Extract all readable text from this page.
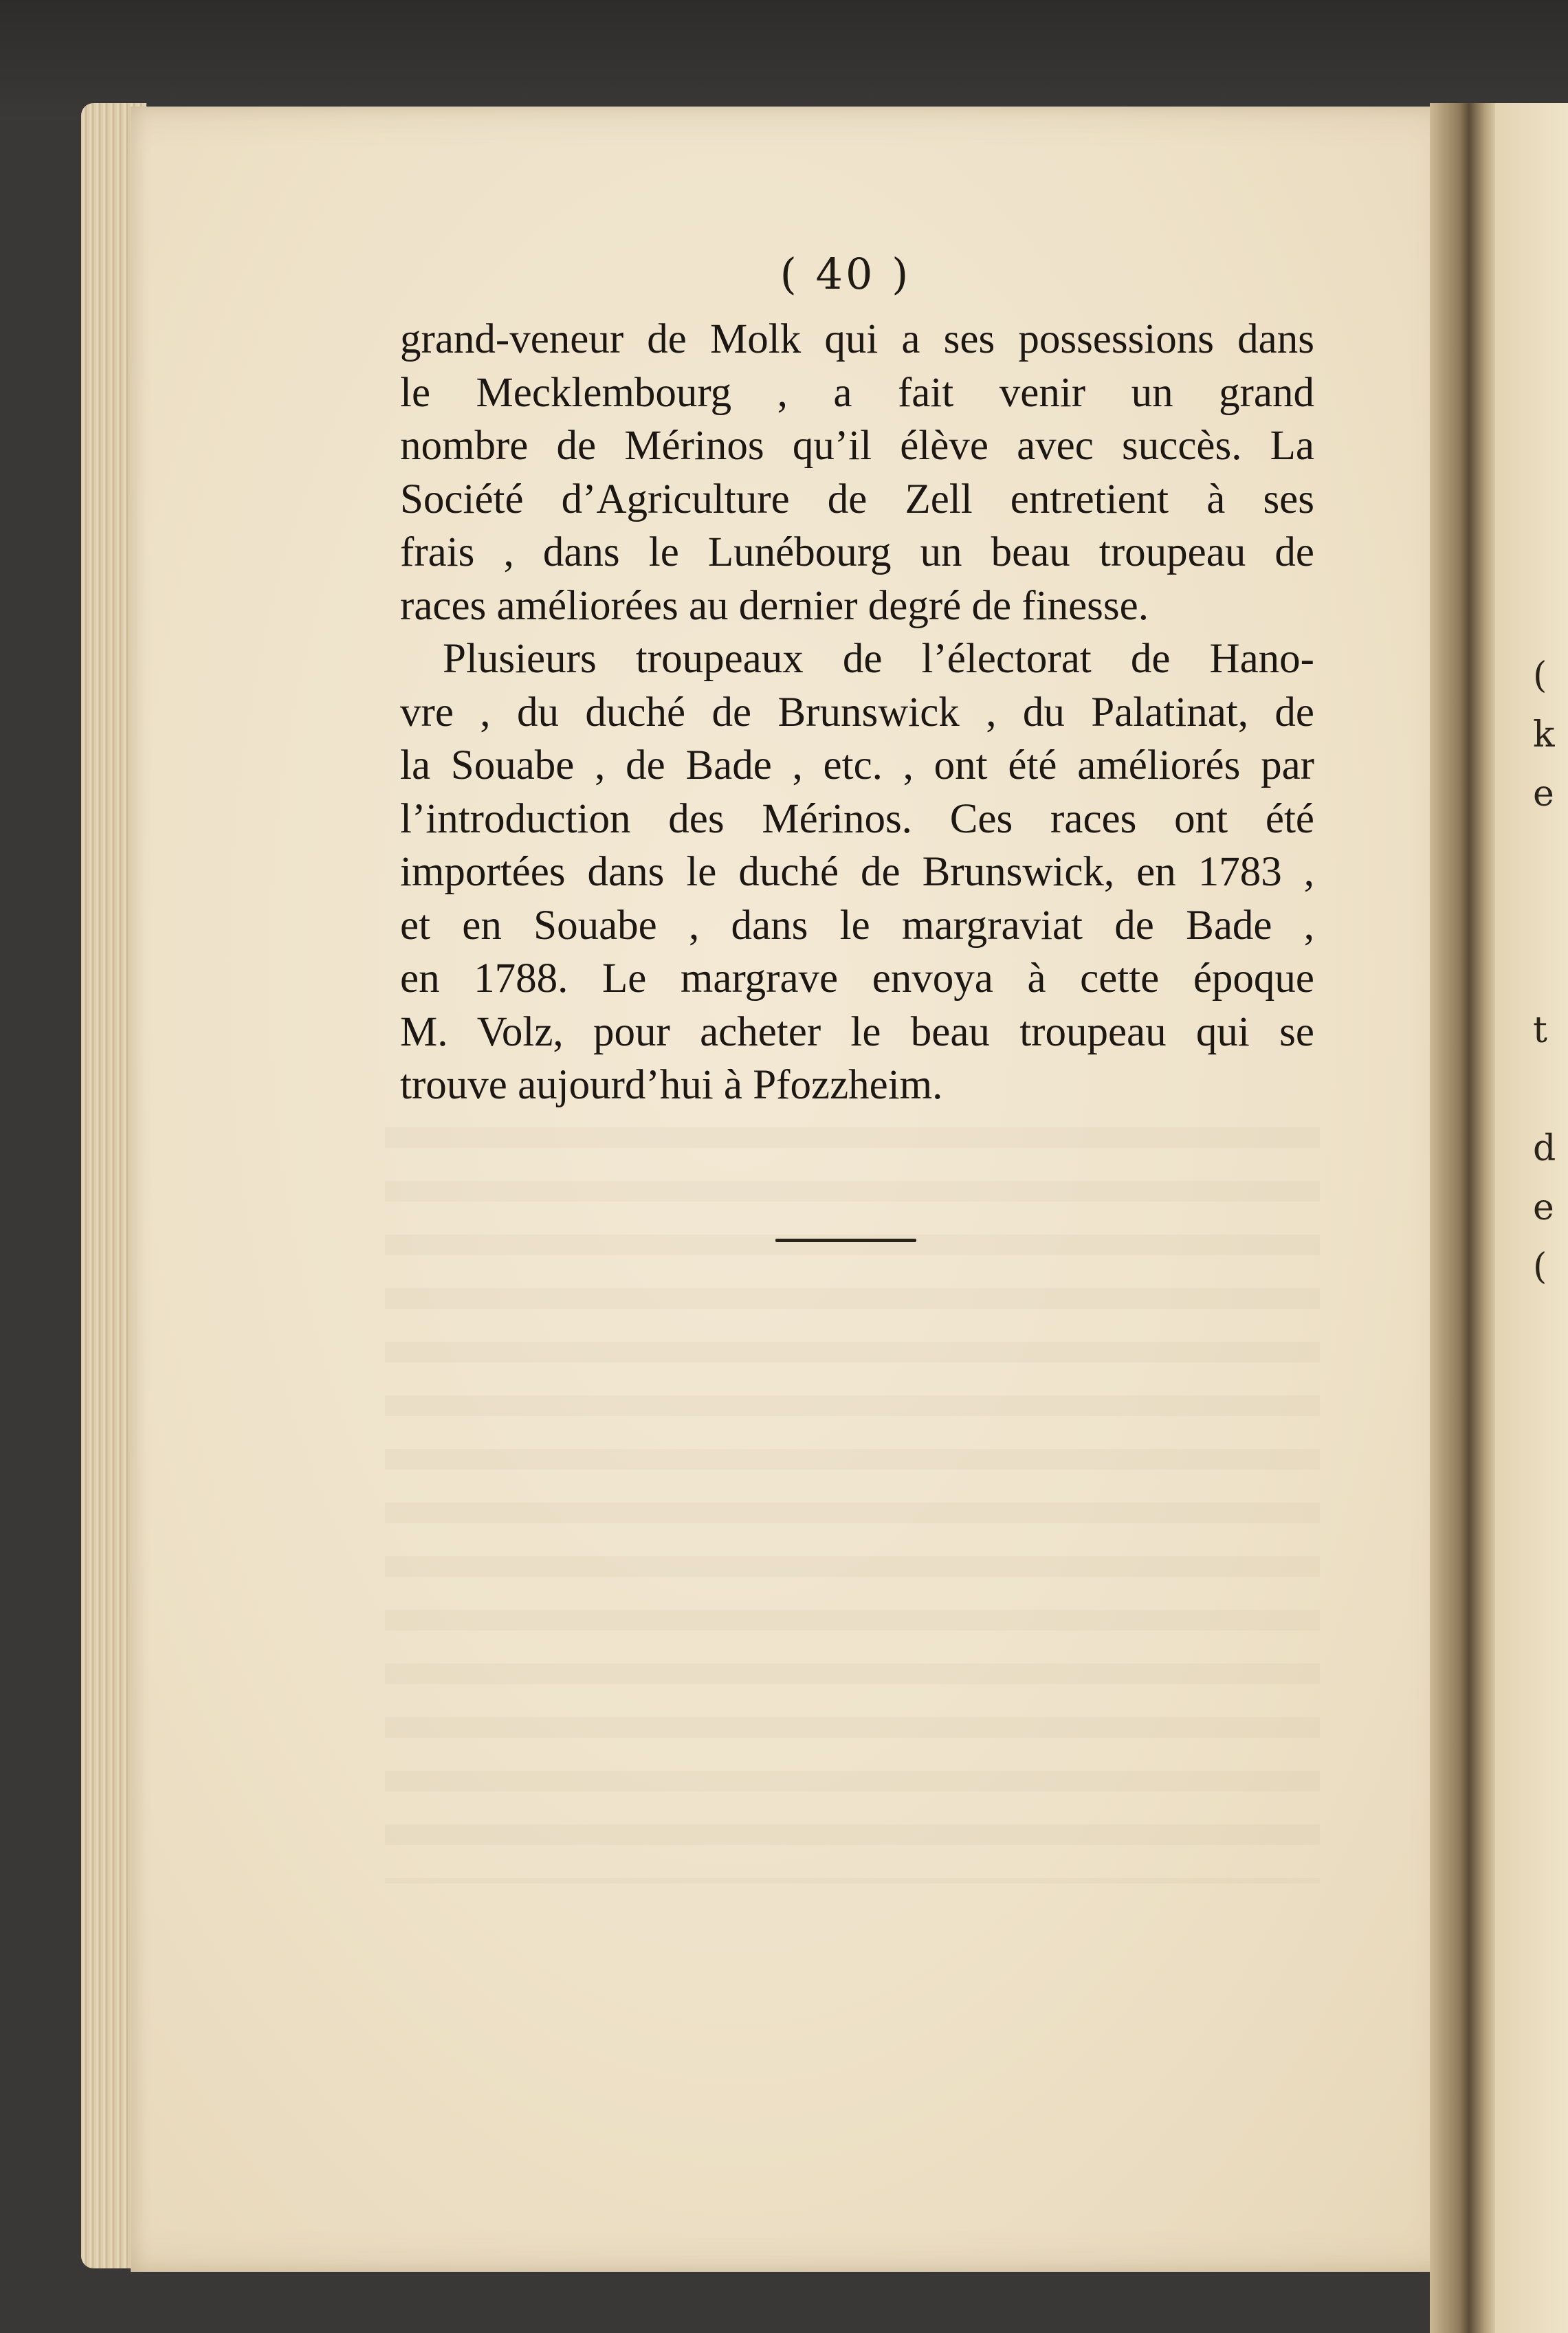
(
k
e

t

d
e
(
( 40 )
grand-veneur de Molk qui a ses possessions dans
le Mecklembourg , a fait venir un grand
nombre de Mérinos qu’il élève avec succès. La
Société d’Agriculture de Zell entretient à ses
frais , dans le Lunébourg un beau troupeau de
races améliorées au dernier degré de finesse.
Plusieurs troupeaux de l’électorat de Hano-
vre , du duché de Brunswick , du Palatinat, de
la Souabe , de Bade , etc. , ont été améliorés par
l’introduction des Mérinos. Ces races ont été
importées dans le duché de Brunswick, en 1783 ,
et en Souabe , dans le margraviat de Bade ,
en 1788. Le margrave envoya à cette époque
M. Volz, pour acheter le beau troupeau qui se
trouve aujourd’hui à Pfozzheim.
